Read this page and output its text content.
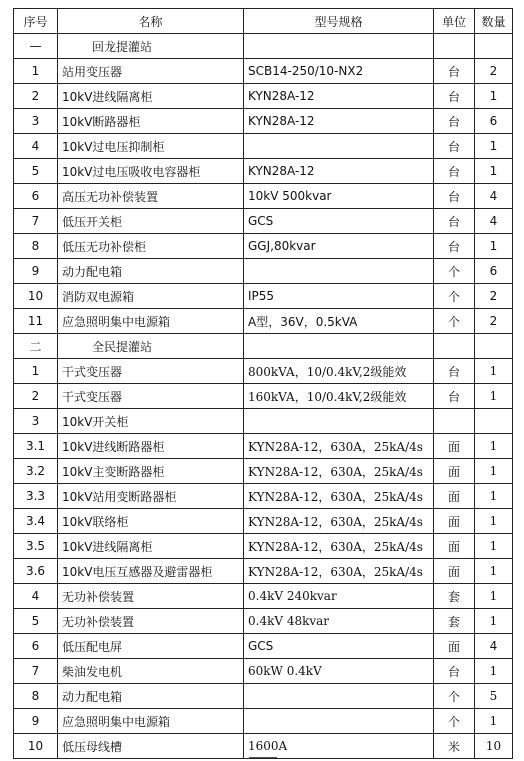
序号	名称	型号规格	单位	数量
—	回龙提灌站			
1	站用变压器	SCB14-250/10-NX2	台	2
2	10kV进线隔离柜	KYN28A-12	台	1
3	10kV断路器柜	KYN28A-12	台	6
4	10kV过电压抑制柜		台	1
5	10kV过电压吸收电容器柜	KYN28A-12	台	1
6	高压无功补偿装置	10kV 500kvar	台	4
7	低压开关柜	GCS	台	4
8	低压无功补偿柜	GGJ,80kvar	台	1
9	动力配电箱		个	6
10	消防双电源箱	IP55	个	2
11	应急照明集中电源箱	A型，36V，0.5kVA	个	2
二	全民提灌站			
1	干式变压器	800kVA，10/0.4kV,2级能效	台	1
2	干式变压器	160kVA，10/0.4kV,2级能效	台	1
3	10kV开关柜			
3.1	10kV进线断路器柜	KYN28A-12，630A，25kA/4s	面	1
3.2	10kV主变断路器柜	KYN28A-12，630A，25kA/4s	面	1
3.3	10kV站用变断路器柜	KYN28A-12，630A，25kA/4s	面	1
3.4	10kV联络柜	KYN28A-12，630A，25kA/4s	面	1
3.5	10kV进线隔离柜	KYN28A-12，630A，25kA/4s	面	1
3.6	10kV电压互感器及避雷器柜	KYN28A-12，630A，25kA/4s	面	1
4	无功补偿装置	0.4kV 240kvar	套	1
5	无功补偿装置	0.4kV 48kvar	套	1
6	低压配电屏	GCS	面	4
7	柴油发电机	60kW 0.4kV	台	1
8	动力配电箱		个	5
9	应急照明集中电源箱		个	1
10	低压母线槽	1600A	米	10
